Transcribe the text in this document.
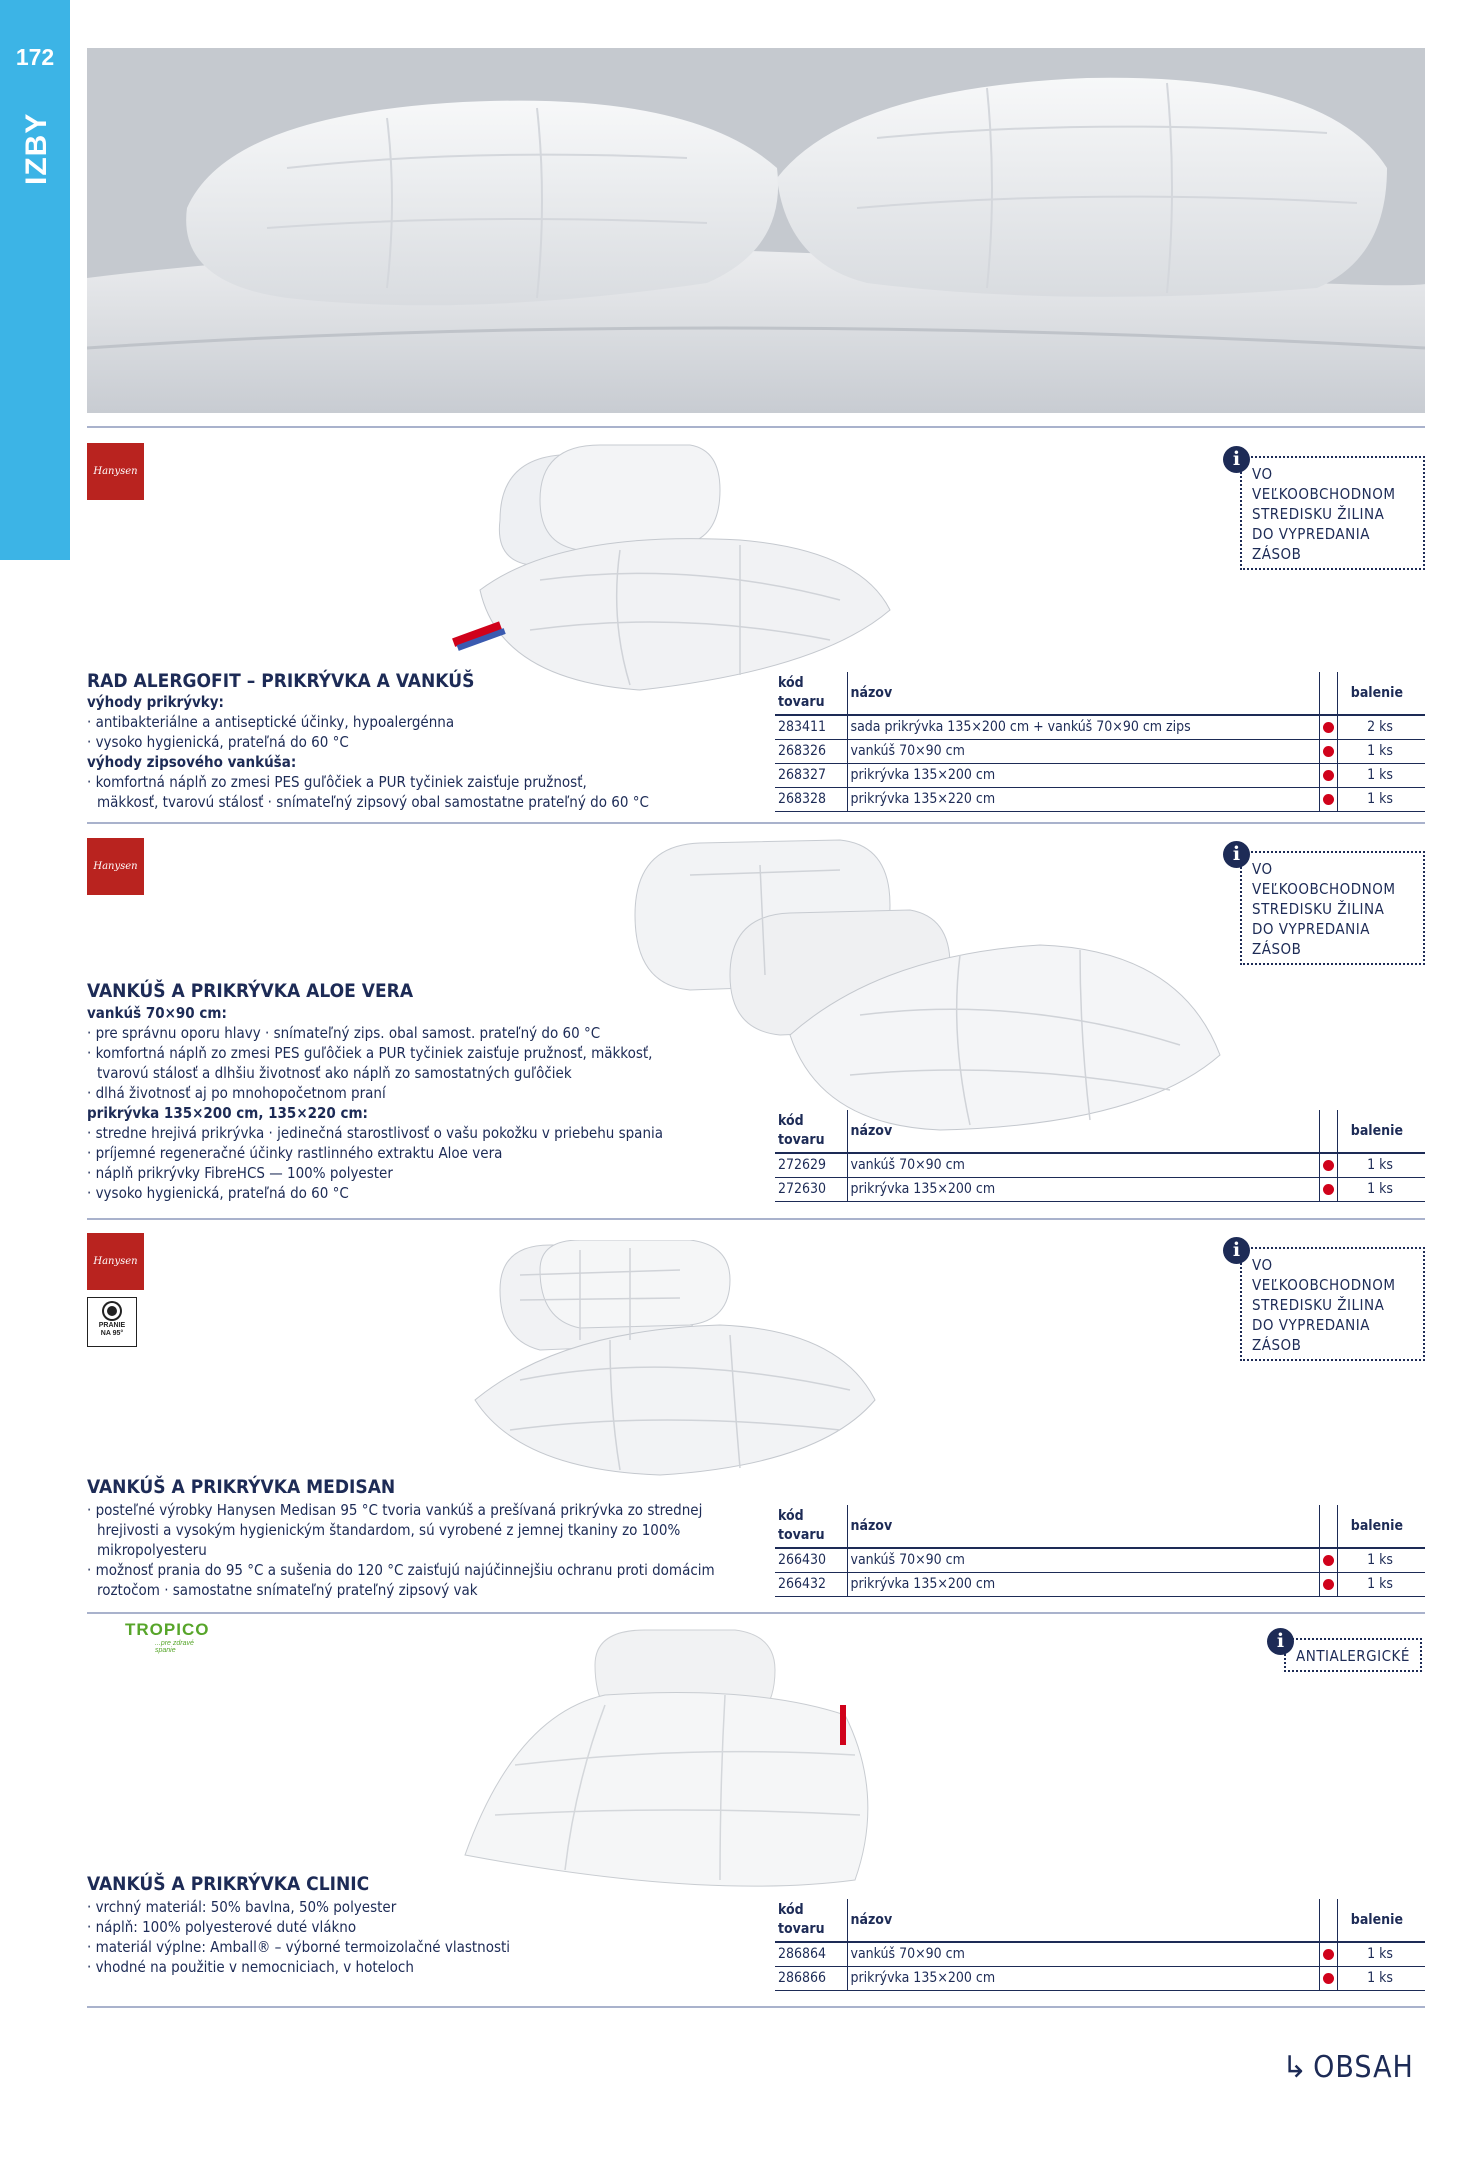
172
IZBY
Hanysen
i
VO VEĽKOOBCHODNOM
STREDISKU ŽILINA
DO VYPREDANIA ZÁSOB
RAD ALERGOFIT – PRIKRÝVKA A VANKÚŠ
výhody prikrývky:
· antibakteriálne a antiseptické účinky, hypoalergénna
· vysoko hygienická, prateľná do 60 °C
výhody zipsového vankúša:
· komfortná náplň zo zmesi PES guľôčiek a PUR tyčiniek zaisťuje pružnosť,
mäkkosť, tvarovú stálosť · snímateľný zipsový obal samostatne prateľný do 60 °C
kód tovaru	názov		balenie
283411	sada prikrývka 135×200 cm + vankúš 70×90 cm zips		2 ks
268326	vankúš 70×90 cm		1 ks
268327	prikrývka 135×200 cm		1 ks
268328	prikrývka 135×220 cm		1 ks
Hanysen
i
VO VEĽKOOBCHODNOM
STREDISKU ŽILINA
DO VYPREDANIA ZÁSOB
VANKÚŠ A PRIKRÝVKA ALOE VERA
vankúš 70×90 cm:
· pre správnu oporu hlavy · snímateľný zips. obal samost. prateľný do 60 °C
· komfortná náplň zo zmesi PES guľôčiek a PUR tyčiniek zaisťuje pružnosť, mäkkosť,
tvarovú stálosť a dlhšiu životnosť ako náplň zo samostatných guľôčiek
· dlhá životnosť aj po mnohopočetnom praní
prikrývka 135×200 cm, 135×220 cm:
· stredne hrejivá prikrývka · jedinečná starostlivosť o vašu pokožku v priebehu spania
· príjemné regeneračné účinky rastlinného extraktu Aloe vera
· náplň prikrývky FibreHCS — 100% polyester
· vysoko hygienická, prateľná do 60 °C
kód tovaru	názov		balenie
272629	vankúš 70×90 cm		1 ks
272630	prikrývka 135×200 cm		1 ks
Hanysen
PRANIE
NA 95°
i
VO VEĽKOOBCHODNOM
STREDISKU ŽILINA
DO VYPREDANIA ZÁSOB
VANKÚŠ A PRIKRÝVKA MEDISAN
· posteľné výrobky Hanysen Medisan 95 °C tvoria vankúš a prešívaná prikrývka zo strednej
hrejivosti a vysokým hygienickým štandardom, sú vyrobené z jemnej tkaniny zo 100%
mikropolyesteru
· možnosť prania do 95 °C a sušenia do 120 °C zaisťujú najúčinnejšiu ochranu proti domácim
roztočom · samostatne snímateľný prateľný zipsový vak
kód tovaru	názov		balenie
266430	vankúš 70×90 cm		1 ks
266432	prikrývka 135×200 cm		1 ks
TROPICO
...pre zdravé spanie	i
ANTIALERGICKÉ
VANKÚŠ A PRIKRÝVKA CLINIC
· vrchný materiál: 50% bavlna, 50% polyester
· náplň: 100% polyesterové duté vlákno
· materiál výplne: Amball® – výborné termoizolačné vlastnosti
· vhodné na použitie v nemocniciach, v hoteloch
kód tovaru	názov		balenie
286864	vankúš 70×90 cm		1 ks
286866	prikrývka 135×200 cm		1 ks
↳ OBSAH
